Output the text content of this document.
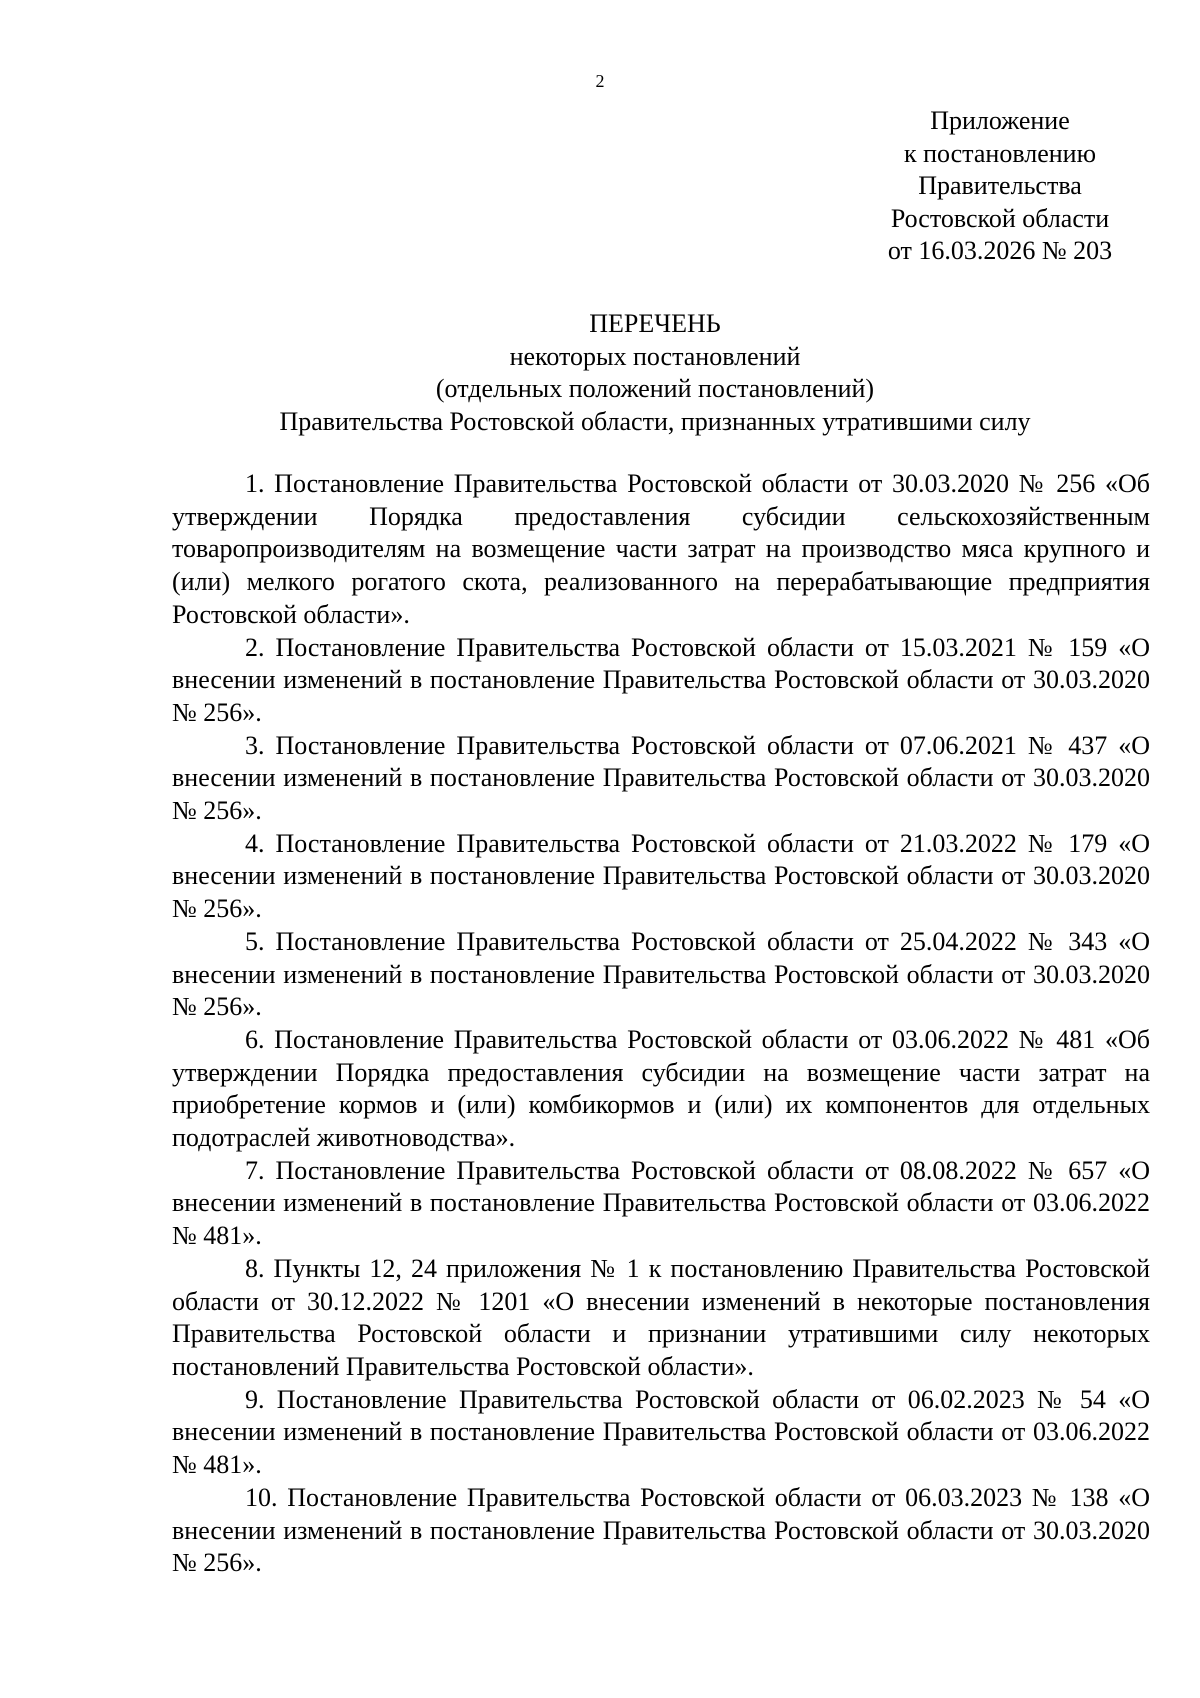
2
Приложение
к постановлению
Правительства
Ростовской области
от 16.03.2026 № 203
ПЕРЕЧЕНЬ
некоторых постановлений
(отдельных положений постановлений)
Правительства Ростовской области, признанных утратившими силу

1. Постановление Правительства Ростовской области от 30.03.2020 № 256 «Об утверждении Порядка предоставления субсидии сельскохозяйственным товаропроизводителям на возмещение части затрат на производство мяса крупного и (или) мелкого рогатого скота, реализованного на перерабатывающие предприятия Ростовской области».

2. Постановление Правительства Ростовской области от 15.03.2021 № 159 «О внесении изменений в постановление Правительства Ростовской области от 30.03.2020 № 256».

3. Постановление Правительства Ростовской области от 07.06.2021 № 437 «О внесении изменений в постановление Правительства Ростовской области от 30.03.2020 № 256».

4. Постановление Правительства Ростовской области от 21.03.2022 № 179 «О внесении изменений в постановление Правительства Ростовской области от 30.03.2020 № 256».

5. Постановление Правительства Ростовской области от 25.04.2022 № 343 «О внесении изменений в постановление Правительства Ростовской области от 30.03.2020 № 256».

6. Постановление Правительства Ростовской области от 03.06.2022 № 481 «Об утверждении Порядка предоставления субсидии на возмещение части затрат на приобретение кормов и (или) комбикормов и (или) их компонентов для отдельных подотраслей животноводства».

7. Постановление Правительства Ростовской области от 08.08.2022 № 657 «О внесении изменений в постановление Правительства Ростовской области от 03.06.2022 № 481».

8. Пункты 12, 24 приложения № 1 к постановлению Правительства Ростовской области от 30.12.2022 № 1201 «О внесении изменений в некоторые постановления Правительства Ростовской области и признании утратившими силу некоторых постановлений Правительства Ростовской области».

9. Постановление Правительства Ростовской области от 06.02.2023 № 54 «О внесении изменений в постановление Правительства Ростовской области от 03.06.2022 № 481».

10. Постановление Правительства Ростовской области от 06.03.2023 № 138 «О внесении изменений в постановление Правительства Ростовской области от 30.03.2020 № 256».
